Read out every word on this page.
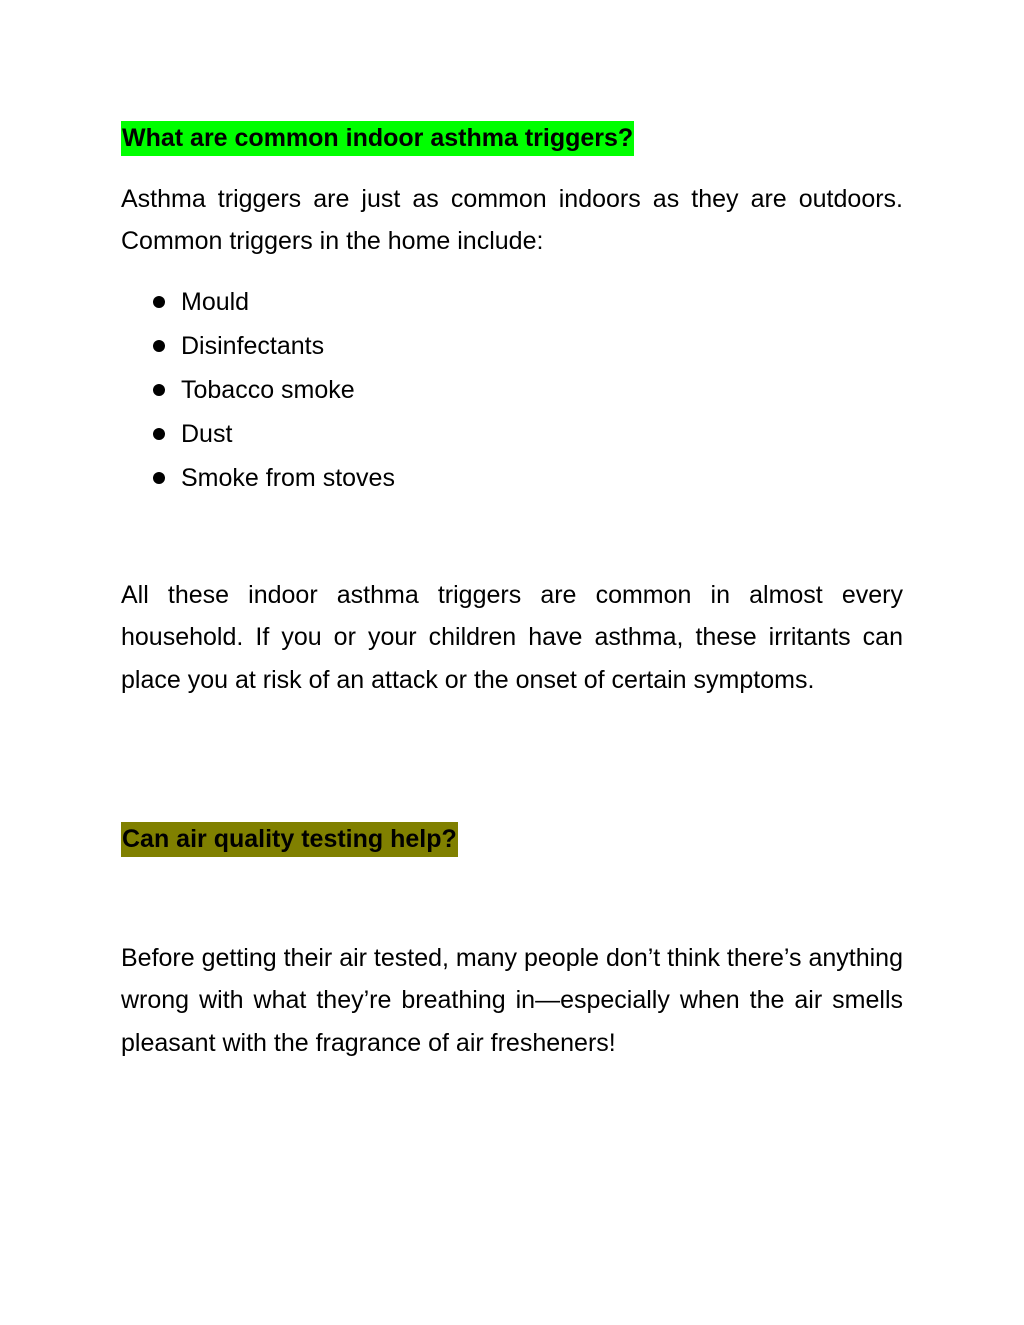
What are common indoor asthma triggers?

Asthma triggers are just as common indoors as they are outdoors. Common triggers in the home include:

Mould
Disinfectants
Tobacco smoke
Dust
Smoke from stoves

All these indoor asthma triggers are common in almost every household. If you or your children have asthma, these irritants can place you at risk of an attack or the onset of certain symptoms.

Can air quality testing help?

Before getting their air tested, many people don’t think there’s anything wrong with what they’re breathing in—especially when the air smells pleasant with the fragrance of air fresheners!
